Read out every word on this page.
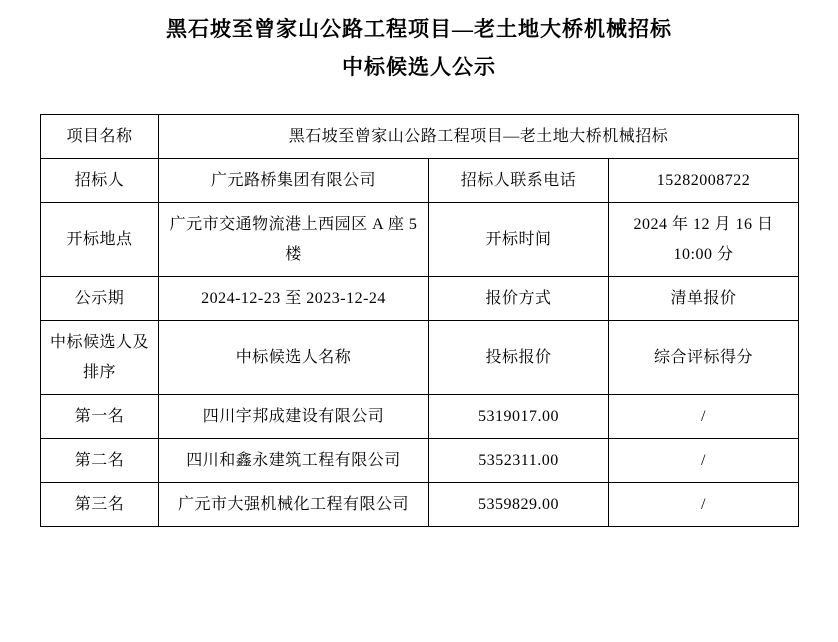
黑石坡至曾家山公路工程项目—老土地大桥机械招标
中标候选人公示
项目名称	黑石坡至曾家山公路工程项目—老土地大桥机械招标		
招标人	广元路桥集团有限公司	招标人联系电话	15282008722
开标地点	广元市交通物流港上西园区 A 座 5 楼	开标时间	2024 年 12 月 16 日 10:00 分
公示期	2024-12-23 至 2023-12-24	报价方式	清单报价
中标候选人及排序	中标候选人名称	投标报价	综合评标得分
第一名	四川宇邦成建设有限公司	5319017.00	/
第二名	四川和鑫永建筑工程有限公司	5352311.00	/
第三名	广元市大强机械化工程有限公司	5359829.00	/
